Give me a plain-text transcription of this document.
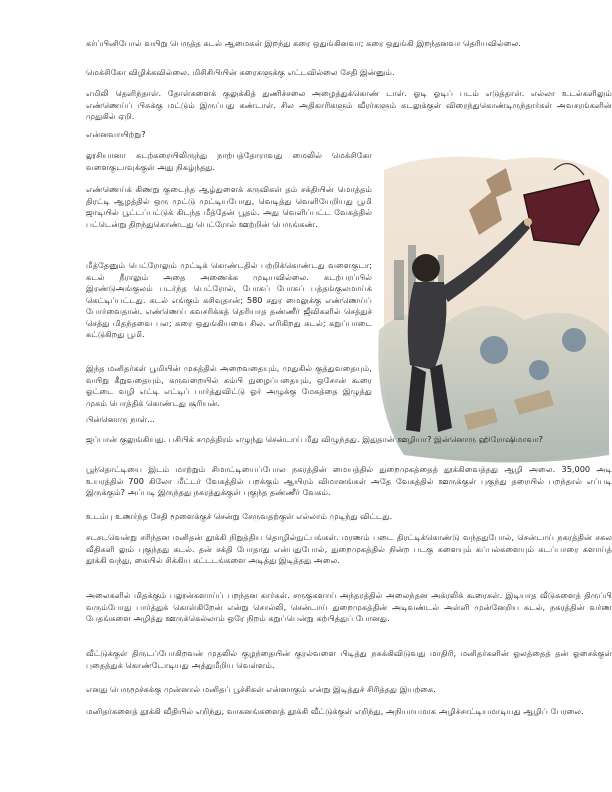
கர்ப்பினிபோல் வயிறு பெருத்த கடல் ஆமைகள் இறந்து கரை ஒதுங்கினவா; கரை ஒதுங்கி இறந்தனவா தெரியவில்லை.

மெக்சிகோ விழிக்கவில்லை. மிசிசிபியின் கரைகளுக்கு எட்டவில்லை சேதி இன்னும்.

எமிலி தெளிந்தாள். தோள்களைக் குலுக்கித் துணிச்சலை அழைத்துக்கொண் டாள். ஓடி ஓடிப் படம் எடுத்தாள். எல்லா உடல்களிலும் எண்ணெய்ப் பிசுக்கு மட்டும் இருப்பது கண்டாள். சில அதிகாரிகளும் வீரர்களும் கடலுக்குள் விரைந்துகொண்டிருந்தார்கள் அவசரங்களின் முதுகில் ஏறி.

என்னவாயிற்று?

லூசியானா கடற்கரையிலிருந்து நாற்பத்தோராவது மைலில் மெக்சிகோ வளைகுடாவுக்குள் அது நிகழ்ந்தது.

எண்ணெய்க் கிணறு குடைந்த ஆழ்துளைக் கருவிகள் தம் சக்தியின் மொத்தம் திரட்டி ஆழத்தில் ஒரு முட்டு முட்டியபோது, வெடித்து வெளியேறியது பூமி ஜாடியில் பூட்டப்பட்டுக் கிடந்த மீத்தேன் பூதம். அது வெளிப்பட்ட வேகத்தில் பட்டென்று திறந்துகொண்டது பெட்ரோல் ஊற்றின் பெருங்கண்.

மீத்தேனும் பெட்ரோலும் முட்டிக் கொண்டதில் பற்றிக்கொண்டது வளைகுடா; கடல் நீராலும் அதை அணைக்க முடியவில்லை. கடற்பரப்பில் இரண்டுஅங்குலம் படர்ந்த பெட்ரோல், போகப் போகப் பத்தங்குலமாய்க் கெட்டிப்பட்டது. கடல் எங்கும் கசிவுதான்; 580 சதுர மைலுக்கு எண்ணெய்ப் போர்வைதான். எண்ணெய் கவசரிக்கத் தெரியாத தண்ணீர் ஜீவிகளில் செத்துச் செத்து மிதந்தவை பல; கரை ஒதுங்கியவை சில. எரிகிறது கடல்; கறுப்பாடை கட்டுகிறது பூமி.

இந்த மனிதர்கள் பூமியின் முகத்தில் அறைவதையும், முதுகில் குத்துவதையும், வயிறு கீறுவதையும், கருவறையில் கம்பி நுழைப்பதையும், ஒசோன் கூரை ஓட்டை வழி எட்டி எட்டிப் பார்த்துவிட்டு ஓர் அழுக்கு மேகத்தை இழுத்து முகம் பொத்திக் கொண்டது சூரியன்.

பின்னொரு நாள்...

ஜப்பான் குலுங்கியது. பசிபிக் சமுத்திரம் எழுந்து சென்டாய் மீது விழுந்தது. இதுதான் ஊழியா? இன்னொரு ஹிரோஷிமாவா?

பூந்தொட்டியை இடம் மாற்றும் சிமாட்டியைப்போல நகரத்தின் மையத்தில் துறைமுகத்தைத் தூக்கிவைத்தது ஆழி அலை. 35,000 அடி உயரத்தில் 700 கிலோ மீட்டர் வேகத்தில் பறக்கும் ஆயிரம் விமானங்கள் அதே வேகத்தில் ஊருக்குள் புகுந்து தரையில் பறந்தால் எப்படி இருக்கும்? அப்படி இருந்தது நகரத்துக்குள் புகுந்த தண்ணீர் வேகம்.

உடம்பு உணர்ந்த சேதி மூளைக்குச் சென்று சேருவதற்குள் எல்லாம் முடிந்து விட்டது.

சடசடவென்று சரிந்தன மனிதன் தூக்கி நிறுத்திய தொழில்நுட்பங்கள். மரணம் படை திரட்டிக்கொண்டு வந்ததுபோல், சென்டாய் நகரத்தின் சகல வீதிகளி லும் புகுந்தது கடல். தன் சக்தி போதாது என்பதுபோல், துறைமுகத்தில் நின்ற படகு களையும் கப்பல்களையும் கடப்பாரை களாய்த் தூக்கி வந்து, கையில் சிக்கிய கட்டடங்களை அடித்து இடித்தது அலை.

அலைகளில் மிதக்கும் பலூன்களாய்ப் பறந்தன கார்கள். சருகுகளாய் அந்தரத்தில் அலைந்தன அக்ரலிக் கூரைகள். இடியாத வீடுகளைத் திருப்பி வரும்போது பார்த்துக் கொள்கிறேன் என்று சொல்லி, சென்டாய் துறைமுகத்தின் அடிவண்டல் அள்ளி முன்னேறிய கடல், நகரத்தின் வர்ண பேதங்களை அழித்து ஊருக்கெல்லாம் ஒரே நிறம் கறுப்பென்று கற்பித்துப் போனது.

வீட்டுக்குள் திருடப்போகிறவன் முதலில் குழந்தையின் குரல்வளை பிடித்து நசுக்கிவிடுவது மாதிரி, மனிதர்களின் ஓலத்தைத் தன் ஓசைக்குள் புதைத்துக் கொண்டோடியது அத்துமீறிய வெள்ளம்.

எனது பெருமூச்சுக்கு முன்னால் மனிதப் பூச்சிகள் என்னாகும் என்று இடித்துச் சிரித்தது இயற்கை.

மனிதர்களைத் தூக்கி வீதியில் எறிந்து, வாகனங்களைத் தூக்கி வீட்டுக்குள் எறிந்து, அநியாயமாக அழிச்சாட்டியமாடியது ஆழிப் பேரலை.
